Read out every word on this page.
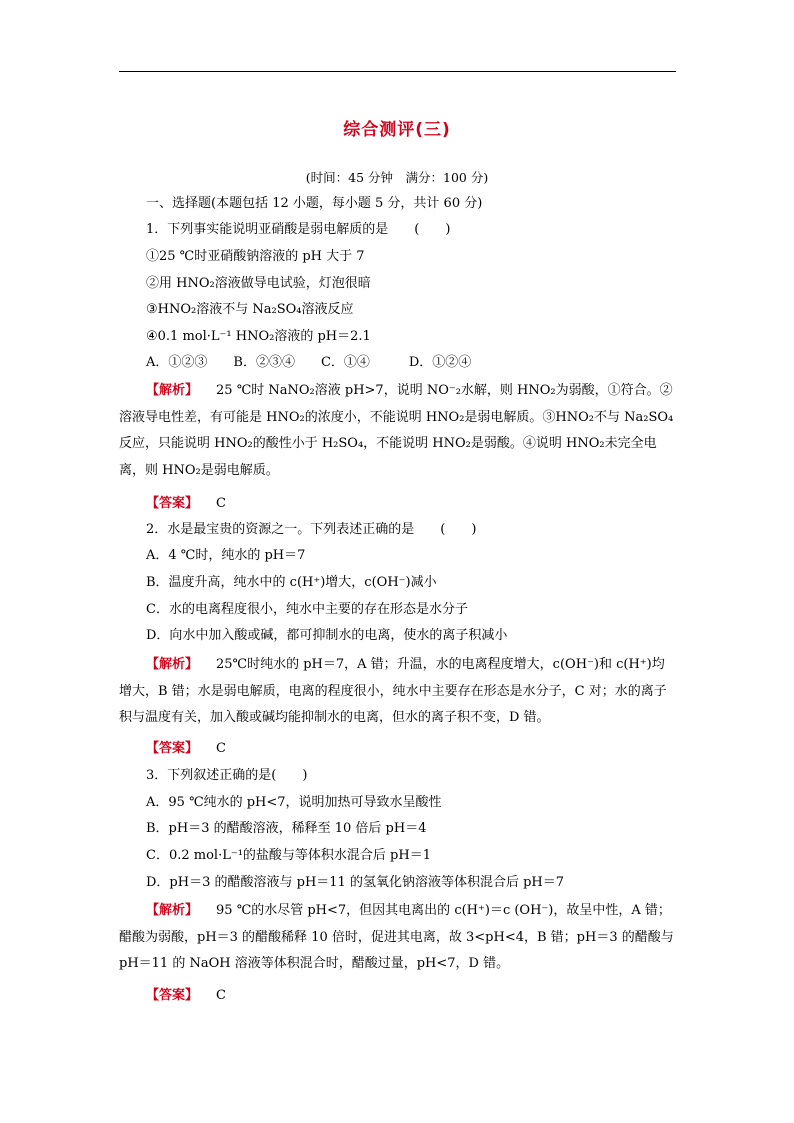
综合测评(三)
(时间：45 分钟　满分：100 分)
一、选择题(本题包括 12 小题，每小题 5 分，共计 60 分)
1．下列事实能说明亚硝酸是弱电解质的是　　(　　)
①25 ℃时亚硝酸钠溶液的 pH 大于 7
②用 HNO₂溶液做导电试验，灯泡很暗
③HNO₂溶液不与 Na₂SO₄溶液反应
④0.1 mol·L⁻¹ HNO₂溶液的 pH＝2.1
A．①②③　　B．②③④　　C．①④　　　D．①②④
【解析】 25 ℃时 NaNO₂溶液 pH>7，说明 NO⁻₂水解，则 HNO₂为弱酸，①符合。②溶液导电性差，有可能是 HNO₂的浓度小，不能说明 HNO₂是弱电解质。③HNO₂不与 Na₂SO₄反应，只能说明 HNO₂的酸性小于 H₂SO₄，不能说明 HNO₂是弱酸。④说明 HNO₂未完全电离，则 HNO₂是弱电解质。
【答案】 C
2．水是最宝贵的资源之一。下列表述正确的是　　(　　)
A．4 ℃时，纯水的 pH＝7
B．温度升高，纯水中的 c(H⁺)增大，c(OH⁻)减小
C．水的电离程度很小，纯水中主要的存在形态是水分子
D．向水中加入酸或碱，都可抑制水的电离，使水的离子积减小
【解析】 25℃时纯水的 pH＝7，A 错；升温，水的电离程度增大，c(OH⁻)和 c(H⁺)均增大，B 错；水是弱电解质，电离的程度很小，纯水中主要存在形态是水分子，C 对；水的离子积与温度有关，加入酸或碱均能抑制水的电离，但水的离子积不变，D 错。
【答案】 C
3．下列叙述正确的是(　　)
A．95 ℃纯水的 pH<7，说明加热可导致水呈酸性
B．pH＝3 的醋酸溶液，稀释至 10 倍后 pH＝4
C．0.2 mol·L⁻¹的盐酸与等体积水混合后 pH＝1
D．pH＝3 的醋酸溶液与 pH＝11 的氢氧化钠溶液等体积混合后 pH＝7
【解析】 95 ℃的水尽管 pH<7，但因其电离出的 c(H⁺)＝c (OH⁻)，故呈中性，A 错；醋酸为弱酸，pH＝3 的醋酸稀释 10 倍时，促进其电离，故 3<pH<4，B 错；pH＝3 的醋酸与 pH＝11 的 NaOH 溶液等体积混合时，醋酸过量，pH<7，D 错。
【答案】 C
